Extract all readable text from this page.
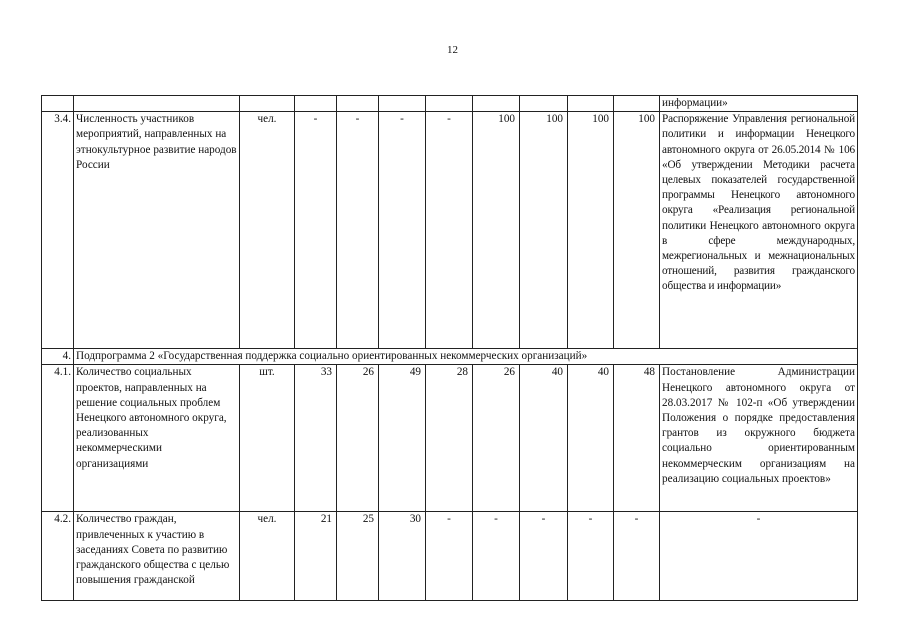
12
											информации»
3.4.	Численность участников мероприятий, направленных на этнокультурное развитие народов России	чел.	-	-	-	-	100	100	100	100	Распоряжение Управления региональной политики и информации Ненецкого автономного округа от 26.05.2014 № 106 «Об утверждении Методики расчета целевых показателей государственной программы Ненецкого автономного округа «Реализация региональной политики Ненецкого автономного округа в сфере международных, межрегиональных и межнациональных отношений, развития гражданского общества и информации»
4.	Подпрограмма 2 «Государственная поддержка социально ориентированных некоммерческих организаций»										
4.1.	Количество социальных проектов, направленных на решение социальных проблем Ненецкого автономного округа, реализованных некоммерческими организациями	шт.	33	26	49	28	26	40	40	48	Постановление Администрации Ненецкого автономного округа от 28.03.2017 № 102-п «Об утверждении Положения о порядке предоставления грантов из окружного бюджета социально ориентированным некоммерческим организациям на реализацию социальных проектов»
4.2.	Количество граждан, привлеченных к участию в заседаниях Совета по развитию гражданского общества с целью повышения гражданской	чел.	21	25	30	-	-	-	-	-	-
